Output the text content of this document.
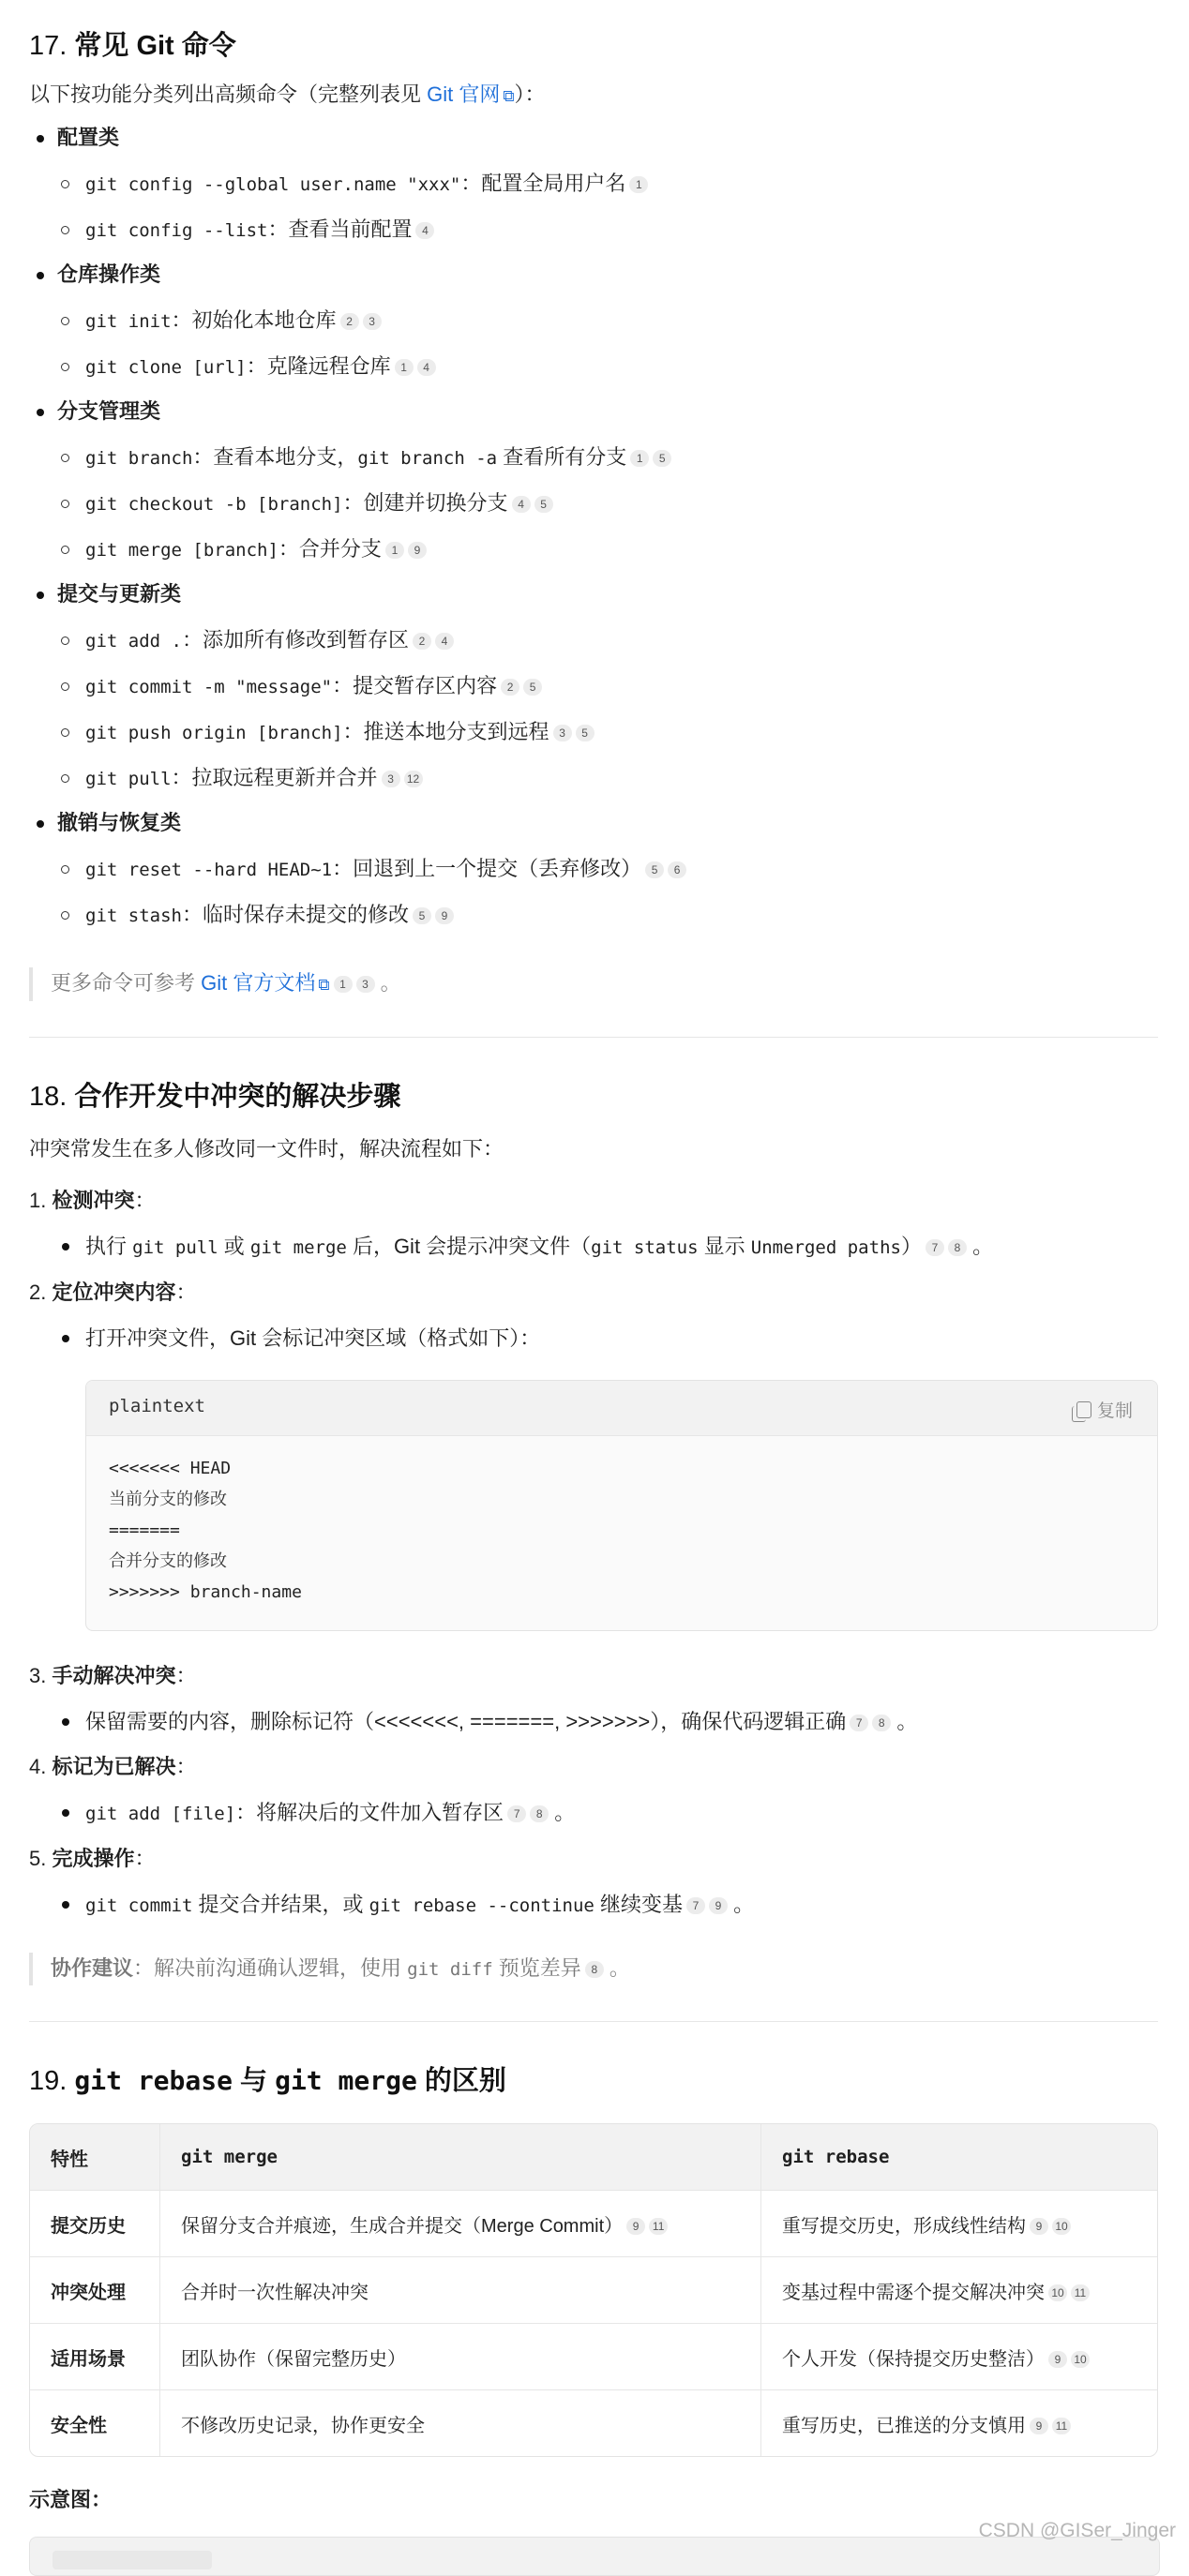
17. 常见 Git 命令
以下按功能分类列出高频命令（完整列表见 Git 官网 ⧉）：
配置类
git config --global user.name "xxx"：配置全局用户名 1
git config --list：查看当前配置 4
仓库操作类
git init：初始化本地仓库 2 3
git clone [url]：克隆远程仓库 1 4
分支管理类
git branch：查看本地分支，git branch -a 查看所有分支 1 5
git checkout -b [branch]：创建并切换分支 4 5
git merge [branch]：合并分支 1 9
提交与更新类
git add .：添加所有修改到暂存区 2 4
git commit -m "message"：提交暂存区内容 2 5
git push origin [branch]：推送本地分支到远程 3 5
git pull：拉取远程更新并合并 3 12
撤销与恢复类
git reset --hard HEAD~1：回退到上一个提交（丢弃修改） 5 6
git stash：临时保存未提交的修改 5 9
更多命令可参考 Git 官方文档 ⧉ 1 3 。
18. 合作开发中冲突的解决步骤
冲突常发生在多人修改同一文件时，解决流程如下：
1. 检测冲突：
执行 git pull 或 git merge 后，Git 会提示冲突文件（git status 显示 Unmerged paths） 7 8 。
2. 定位冲突内容：
打开冲突文件，Git 会标记冲突区域（格式如下）：
plaintext	复制
<<<<<<< HEAD
当前分支的修改
=======
合并分支的修改
>>>>>>> branch-name
3. 手动解决冲突：
保留需要的内容，删除标记符（<<<<<<<, =======, >>>>>>>），确保代码逻辑正确 7 8 。
4. 标记为已解决：
git add [file]：将解决后的文件加入暂存区 7 8 。
5. 完成操作：
git commit 提交合并结果，或 git rebase --continue 继续变基 7 9 。
协作建议：解决前沟通确认逻辑，使用 git diff 预览差异 8 。
19. git rebase 与 git merge 的区别
特性	git merge	git rebase
提交历史	保留分支合并痕迹，生成合并提交（Merge Commit） 9 11	重写提交历史，形成线性结构 9 10
冲突处理	合并时一次性解决冲突	变基过程中需逐个提交解决冲突 10 11
适用场景	团队协作（保留完整历史）	个人开发（保持提交历史整洁） 9 10
安全性	不修改历史记录，协作更安全	重写历史，已推送的分支慎用 9 11
示意图：
CSDN @GISer_Jinger
